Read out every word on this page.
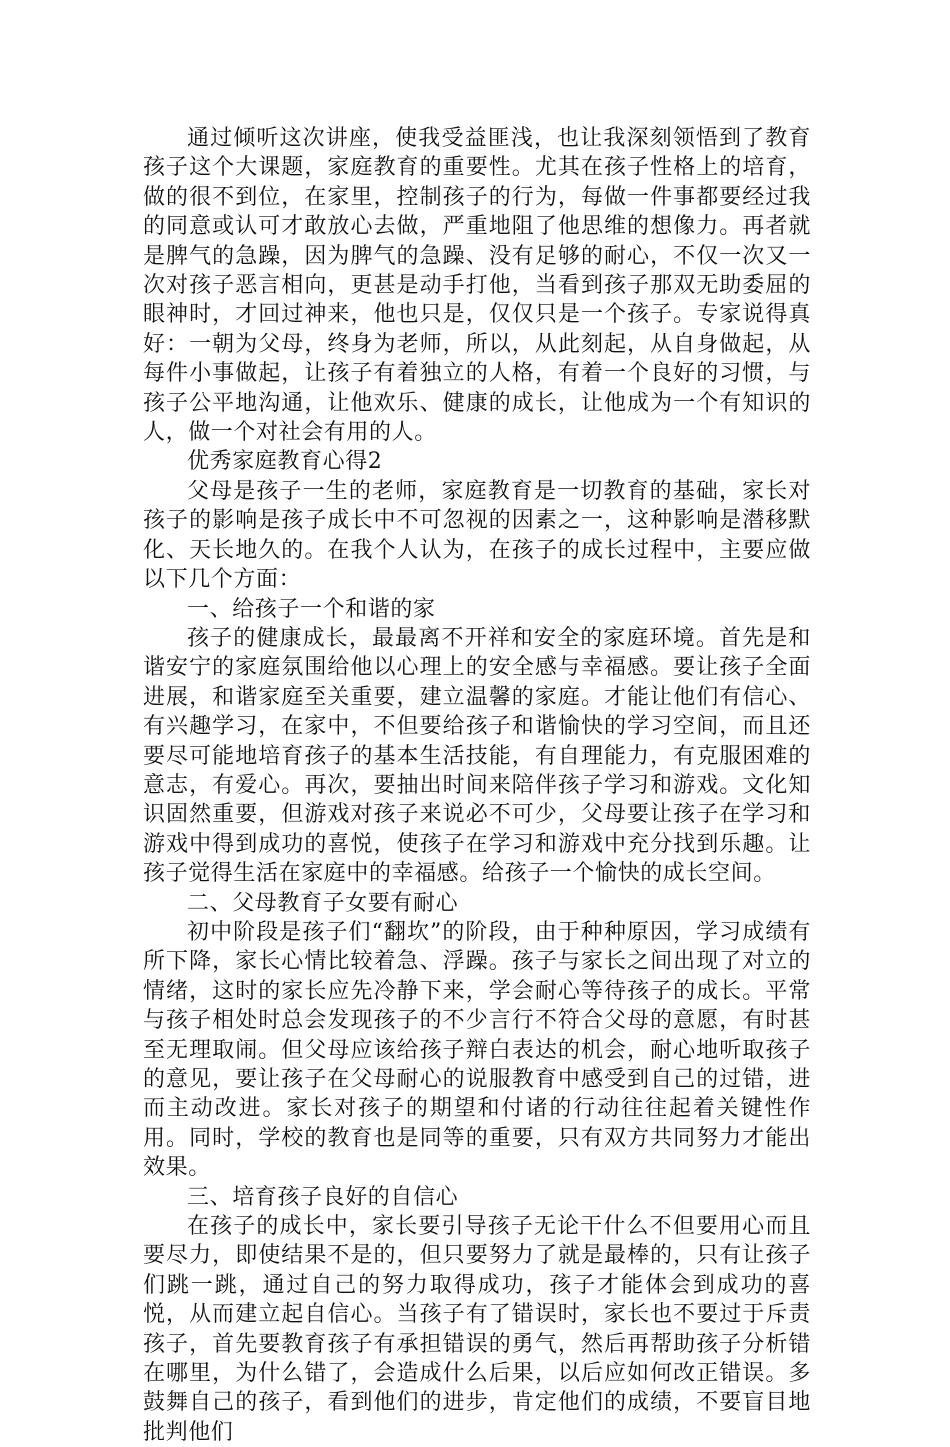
通过倾听这次讲座，使我受益匪浅，也让我深刻领悟到了教育孩子这个大课题，家庭教育的重要性。尤其在孩子性格上的培育，做的很不到位，在家里，控制孩子的行为，每做一件事都要经过我的同意或认可才敢放心去做，严重地阻了他思维的想像力。再者就是脾气的急躁，因为脾气的急躁、没有足够的耐心，不仅一次又一次对孩子恶言相向，更甚是动手打他，当看到孩子那双无助委屈的眼神时，才回过神来，他也只是，仅仅只是一个孩子。专家说得真好：一朝为父母，终身为老师，所以，从此刻起，从自身做起，从每件小事做起，让孩子有着独立的人格，有着一个良好的习惯，与孩子公平地沟通，让他欢乐、健康的成长，让他成为一个有知识的人，做一个对社会有用的人。

优秀家庭教育心得2

父母是孩子一生的老师，家庭教育是一切教育的基础，家长对孩子的影响是孩子成长中不可忽视的因素之一，这种影响是潜移默化、天长地久的。在我个人认为，在孩子的成长过程中，主要应做以下几个方面：

一、给孩子一个和谐的家

孩子的健康成长，最最离不开祥和安全的家庭环境。首先是和谐安宁的家庭氛围给他以心理上的安全感与幸福感。要让孩子全面进展，和谐家庭至关重要，建立温馨的家庭。才能让他们有信心、有兴趣学习，在家中，不但要给孩子和谐愉快的学习空间，而且还要尽可能地培育孩子的基本生活技能，有自理能力，有克服困难的意志，有爱心。再次，要抽出时间来陪伴孩子学习和游戏。文化知识固然重要，但游戏对孩子来说必不可少，父母要让孩子在学习和游戏中得到成功的喜悦，使孩子在学习和游戏中充分找到乐趣。让孩子觉得生活在家庭中的幸福感。给孩子一个愉快的成长空间。

二、父母教育子女要有耐心

初中阶段是孩子们“翻坎”的阶段，由于种种原因，学习成绩有所下降，家长心情比较着急、浮躁。孩子与家长之间出现了对立的情绪，这时的家长应先冷静下来，学会耐心等待孩子的成长。平常与孩子相处时总会发现孩子的不少言行不符合父母的意愿，有时甚至无理取闹。但父母应该给孩子辩白表达的机会，耐心地听取孩子的意见，要让孩子在父母耐心的说服教育中感受到自己的过错，进而主动改进。家长对孩子的期望和付诸的行动往往起着关键性作用。同时，学校的教育也是同等的重要，只有双方共同努力才能出效果。

三、培育孩子良好的自信心

在孩子的成长中，家长要引导孩子无论干什么不但要用心而且要尽力，即使结果不是的，但只要努力了就是最棒的，只有让孩子们跳一跳，通过自己的努力取得成功，孩子才能体会到成功的喜悦，从而建立起自信心。当孩子有了错误时，家长也不要过于斥责孩子，首先要教育孩子有承担错误的勇气，然后再帮助孩子分析错在哪里，为什么错了，会造成什么后果，以后应如何改正错误。多鼓舞自己的孩子，看到他们的进步，肯定他们的成绩，不要盲目地批判他们
